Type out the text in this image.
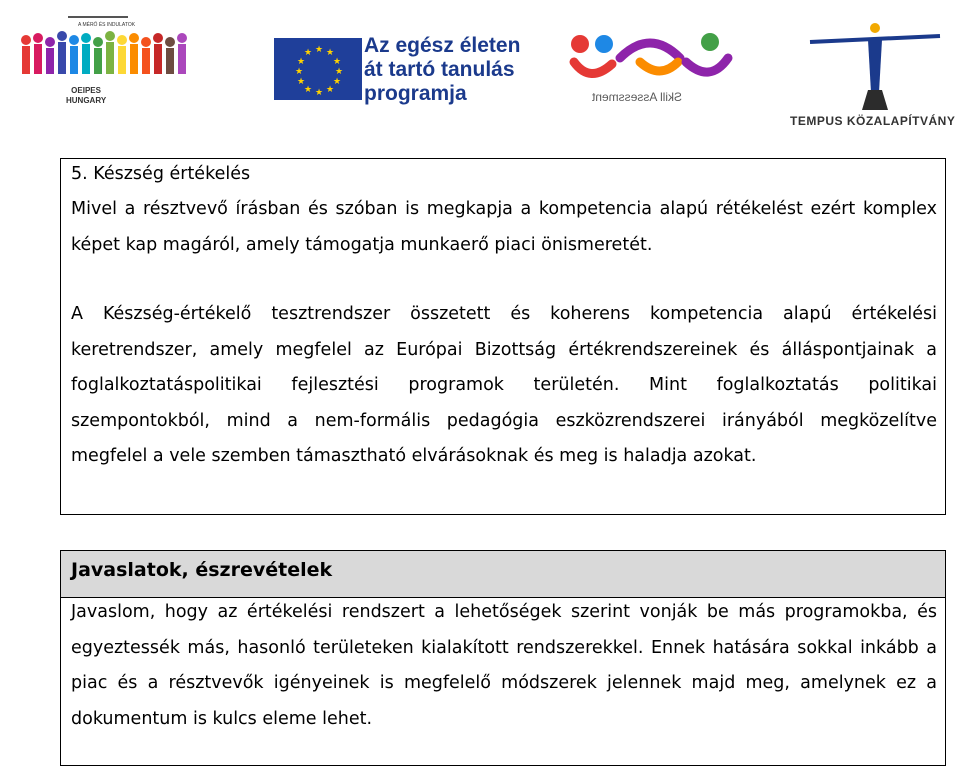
A MÉRŐ ÉS INDULATOK
OEIPES
HUNGARY
★ ★
★
★
★
★
★
★
★
★
★
★ Az egész életen
át tartó tanulás
programja	Skill Assessment
TEMPUS KÖZALAPÍTVÁNY
5. Készség értékelés
Mivel a résztvevő írásban és szóban is megkapja a kompetencia alapú rétékelést ezért komplex képet kap magáról, amely támogatja munkaerő piaci önismeretét.
A Készség-értékelő tesztrendszer összetett és koherens kompetencia alapú értékelési keretrendszer, amely megfelel az Európai Bizottság értékrendszereinek és álláspontjainak a foglalkoztatáspolitikai fejlesztési programok területén. Mint foglalkoztatás politikai szempontokból, mind a nem-formális pedagógia eszközrendszerei irányából megközelítve megfelel a vele szemben támasztható elvárásoknak és meg is haladja azokat.
Javaslatok, észrevételek
Javaslom, hogy az értékelési rendszert a lehetőségek szerint vonják be más programokba, és egyeztessék más, hasonló területeken kialakított rendszerekkel. Ennek hatására sokkal inkább a piac és a résztvevők igényeinek is megfelelő módszerek jelennek majd meg, amelynek ez a dokumentum is kulcs eleme lehet.
